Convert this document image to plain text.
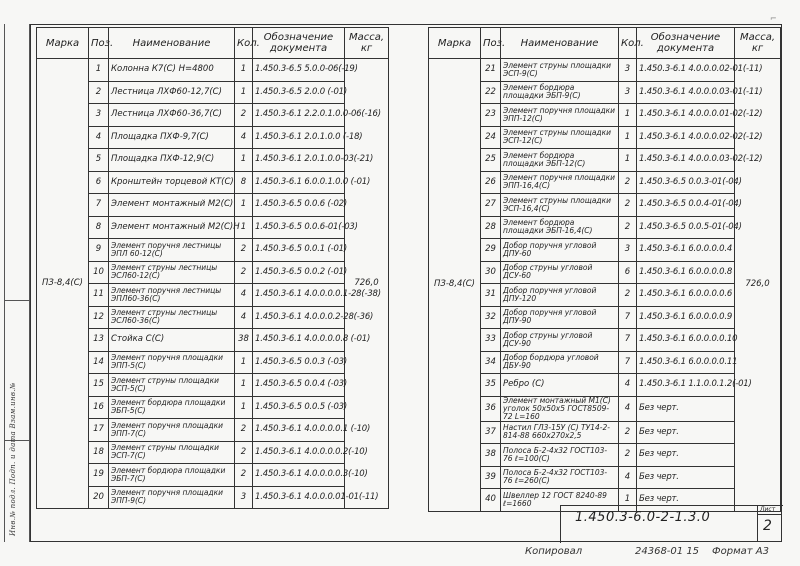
Инв.№ подл. Подп. и дата Взам.инв.№
⌐
Марка	Поз.	Наименование	Кол.	Обозначение
документа	Масса,
кг
ПЗ-8,4(С)	1	Колонна К7(С) Н=4800	1	1.450.3-6.5 5.0.0-06(-19)	726,0
	2	Лестница ЛХФ60-12,7(С)	1	1.450.3-6.5 2.0.0 (-01)	
	3	Лестница ЛХФ60-36,7(С)	2	1.450.3-6.1 2.2.0.1.0.0-06(-16)	
	4	Площадка ПХФ-9,7(С)	4	1.450.3-6.1 2.0.1.0.0 (-18)	
	5	Площадка ПХФ-12,9(С)	1	1.450.3-6.1 2.0.1.0.0-03(-21)	
	6	Кронштейн торцевой КТ(С)	8	1.450.3-6.1 6.0.0.1.0.0 (-01)	
	7	Элемент монтажный М2(С)	1	1.450.3-6.5 0.0.6 (-02)	
	8	Элемент монтажный М2(С)Н	1	1.450.3-6.5 0.0.6-01(-03)	
	9	Элемент поручня лестницы ЭПЛ 60-12(С)	2	1.450.3-6.5 0.0.1 (-01)	
	10	Элемент струны лестницы ЭСЛ60-12(С)	2	1.450.3-6.5 0.0.2 (-01)	
	11	Элемент поручня лестницы ЭПЛ60-36(С)	4	1.450.3-6.1 4.0.0.0.0.1-28(-38)	
	12	Элемент струны лестницы ЭСЛ60-36(С)	4	1.450.3-6.1 4.0.0.0.2-28(-36)	
	13	Стойка С(С)	38	1.450.3-6.1 4.0.0.0.0.8 (-01)	
	14	Элемент поручня площадки ЭПП-5(С)	1	1.450.3-6.5 0.0.3 (-03)	
	15	Элемент струны площадки ЭСП-5(С)	1	1.450.3-6.5 0.0.4 (-03)	
	16	Элемент бордюра площадки ЭБП-5(С)	1	1.450.3-6.5 0.0.5 (-03)	
	17	Элемент поручня площадки ЭПП-7(С)	2	1.450.3-6.1 4.0.0.0.0.1 (-10)	
	18	Элемент струны площадки ЭСП-7(С)	2	1.450.3-6.1 4.0.0.0.0.2(-10)	
	19	Элемент бордюра площадки ЭБП-7(С)	2	1.450.3-6.1 4.0.0.0.0.3(-10)	
	20	Элемент поручня площадки ЭПП-9(С)	3	1.450.3-6.1 4.0.0.0.01-01(-11)	
Марка	Поз.	Наименование	Кол.	Обозначение
документа	Масса,
кг
ПЗ-8,4(С)	21	Элемент струны площадки ЭСП-9(С)	3	1.450.3-6.1 4.0.0.0.02-01(-11)	726,0
	22	Элемент бордюра площадки ЭБП-9(С)	3	1.450.3-6.1 4.0.0.0.03-01(-11)	
	23	Элемент поручня площадки ЭПП-12(С)	1	1.450.3-6.1 4.0.0.0.01-02(-12)	
	24	Элемент струны площадки ЭСП-12(С)	1	1.450.3-6.1 4.0.0.0.02-02(-12)	
	25	Элемент бордюра площадки ЭБП-12(С)	1	1.450.3-6.1 4.0.0.0.03-02(-12)	
	26	Элемент поручня площадки ЭПП-16,4(С)	2	1.450.3-6.5 0.0.3-01(-04)	
	27	Элемент струны площадки ЭСП-16,4(С)	2	1.450.3-6.5 0.0.4-01(-04)	
	28	Элемент бордюра площадки ЭБП-16,4(С)	2	1.450.3-6.5 0.0.5-01(-04)	
	29	Добор поручня угловой ДПУ-60	3	1.450.3-6.1 6.0.0.0.0.4	
	30	Добор струны угловой ДСУ-60	6	1.450.3-6.1 6.0.0.0.0.8	
	31	Добор поручня угловой ДПУ-120	2	1.450.3-6.1 6.0.0.0.0.6	
	32	Добор поручня угловой ДПУ-90	7	1.450.3-6.1 6.0.0.0.0.9	
	33	Добор струны угловой ДСУ-90	7	1.450.3-6.1 6.0.0.0.0.10	
	34	Добор бордюра угловой ДБУ-90	7	1.450.3-6.1 6.0.0.0.0.11	
	35	Ребро (С)	4	1.450.3-6.1 1.1.0.0.1.2(-01)	
	36	Элемент монтажный М1(С) уголок 50х50х5 ГОСТ8509-72 L=160	4	Без черт.	
	37	Настил ГЛ3-15У (С) ТУ14-2-814-88 660х270х2,5	2	Без черт.	
	38	Полоса Б-2-4х32 ГОСТ103-76 ℓ=100(С)	2	Без черт.	
	39	Полоса Б-2-4х32 ГОСТ103-76 ℓ=260(С)	4	Без черт.	
	40	Швеллер 12 ГОСТ 8240-89 ℓ=1660	1	Без черт.	
1.450.3-6.0-2-1.3.0
Лист
2
Копировал	24368-01 15 Формат А3
